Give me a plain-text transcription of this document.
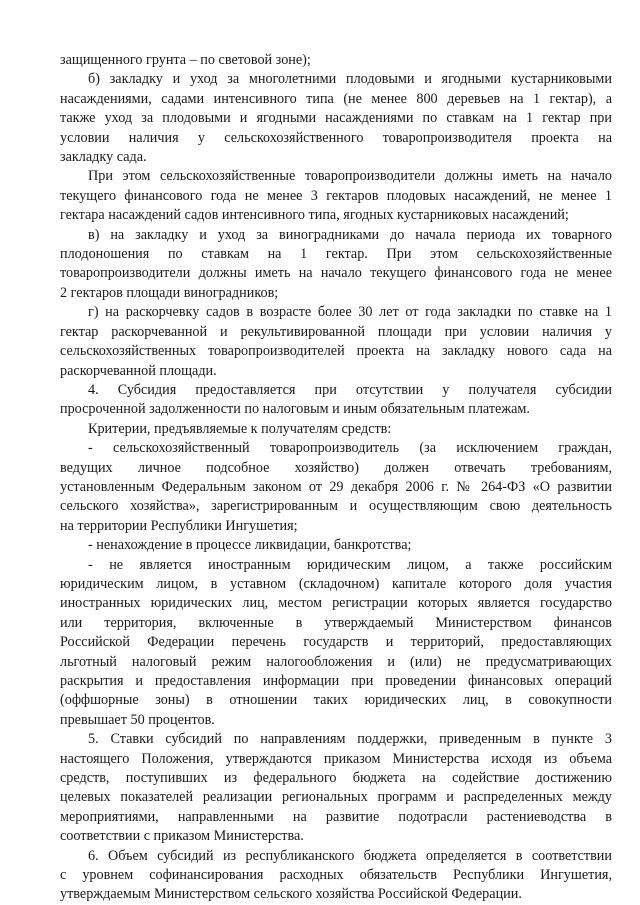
защищенного грунта – по световой зоне);
б) закладку и уход за многолетними плодовыми и ягодными кустарниковыми
насаждениями, садами интенсивного типа (не менее 800 деревьев на 1 гектар), а
также уход за плодовыми и ягодными насаждениями по ставкам на 1 гектар при
условии наличия у сельскохозяйственного товаропроизводителя проекта на
закладку сада.
При этом сельскохозяйственные товаропроизводители должны иметь на начало
текущего финансового года не менее 3 гектаров плодовых насаждений, не менее 1
гектара насаждений садов интенсивного типа, ягодных кустарниковых насаждений;
в) на закладку и уход за виноградниками до начала периода их товарного
плодоношения по ставкам на 1 гектар. При этом сельскохозяйственные
товаропроизводители должны иметь на начало текущего финансового года не менее
2 гектаров площади виноградников;
г) на раскорчевку садов в возрасте более 30 лет от года закладки по ставке на 1
гектар раскорчеванной и рекультивированной площади при условии наличия у
сельскохозяйственных товаропроизводителей проекта на закладку нового сада на
раскорчеванной площади.
4. Субсидия предоставляется при отсутствии у получателя субсидии
просроченной задолженности по налоговым и иным обязательным платежам.
Критерии, предъявляемые к получателям средств:
- сельскохозяйственный товаропроизводитель (за исключением граждан,
ведущих личное подсобное хозяйство) должен отвечать требованиям,
установленным Федеральным законом от 29 декабря 2006 г. № 264-ФЗ «О развитии
сельского хозяйства», зарегистрированным и осуществляющим свою деятельность
на территории Республики Ингушетия;
- ненахождение в процессе ликвидации, банкротства;
- не является иностранным юридическим лицом, а также российским
юридическим лицом, в уставном (складочном) капитале которого доля участия
иностранных юридических лиц, местом регистрации которых является государство
или территория, включенные в утверждаемый Министерством финансов
Российской Федерации перечень государств и территорий, предоставляющих
льготный налоговый режим налогообложения и (или) не предусматривающих
раскрытия и предоставления информации при проведении финансовых операций
(оффшорные зоны) в отношении таких юридических лиц, в совокупности
превышает 50 процентов.
5. Ставки субсидий по направлениям поддержки, приведенным в пункте 3
настоящего Положения, утверждаются приказом Министерства исходя из объема
средств, поступивших из федерального бюджета на содействие достижению
целевых показателей реализации региональных программ и распределенных между
мероприятиями, направленными на развитие подотрасли растениеводства в
соответствии с приказом Министерства.
6. Объем субсидий из республиканского бюджета определяется в соответствии
с уровнем софинансирования расходных обязательств Республики Ингушетия,
утверждаемым Министерством сельского хозяйства Российской Федерации.
